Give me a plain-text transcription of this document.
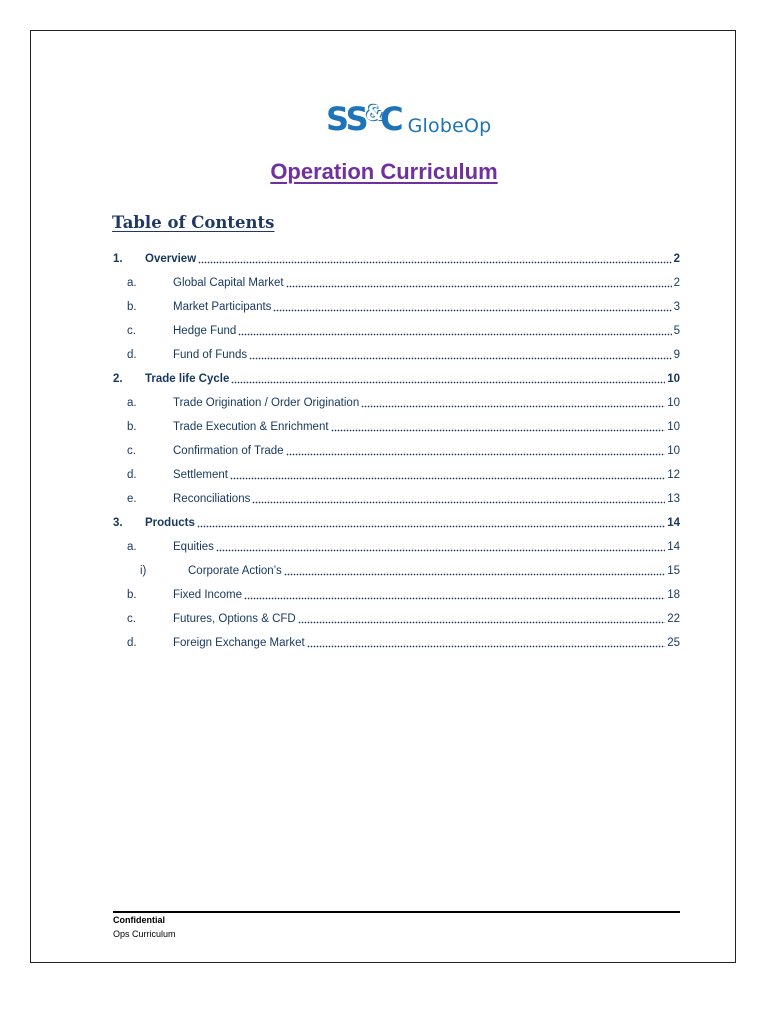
SS&C GlobeOp
Operation Curriculum
Table of Contents
1.	Overview	2
a.	Global Capital Market	2
b.	Market Participants	3
c.	Hedge Fund	5
d.	Fund of Funds	9
2.	Trade life Cycle	10
a.	Trade Origination / Order Origination	10
b.	Trade Execution & Enrichment	10
c.	Confirmation of Trade	10
d.	Settlement	12
e.	Reconciliations	13
3.	Products	14
a.	Equities	14
i)	Corporate Action’s	15
b.	Fixed Income	18
c.	Futures, Options & CFD	22
d.	Foreign Exchange Market	25
Confidential
Ops Curriculum
